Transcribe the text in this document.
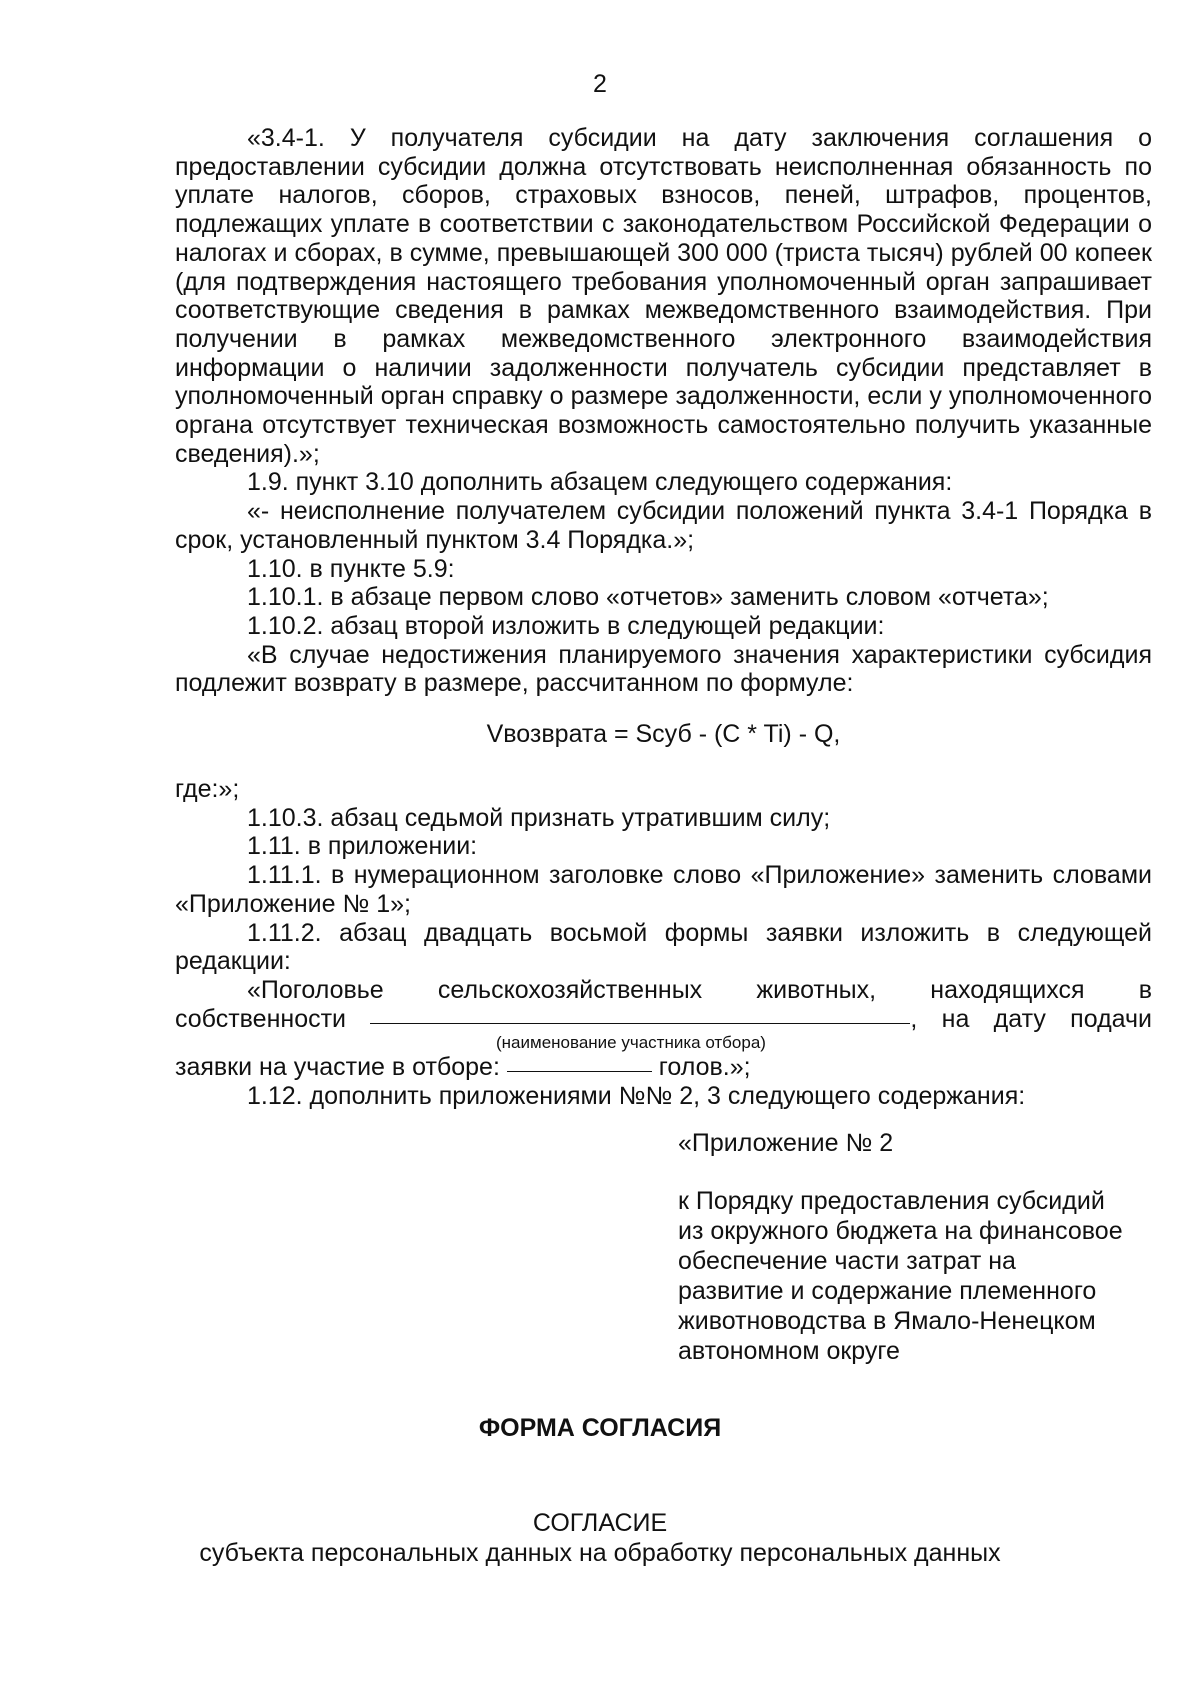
2

«3.4-1. У получателя субсидии на дату заключения соглашения о предоставлении субсидии должна отсутствовать неисполненная обязанность по уплате налогов, сборов, страховых взносов, пеней, штрафов, процентов, подлежащих уплате в соответствии с законодательством Российской Федерации о налогах и сборах, в сумме, превышающей 300 000 (триста тысяч) рублей 00 копеек (для подтверждения настоящего требования уполномоченный орган запрашивает соответствующие сведения в рамках межведомственного взаимодействия. При получении в рамках межведомственного электронного взаимодействия информации о наличии задолженности получатель субсидии представляет в уполномоченный орган справку о размере задолженности, если у уполномоченного органа отсутствует техническая возможность самостоятельно получить указанные сведения).»;

1.9. пункт 3.10 дополнить абзацем следующего содержания:

«- неисполнение получателем субсидии положений пункта 3.4-1 Порядка в срок, установленный пунктом 3.4 Порядка.»;

1.10. в пункте 5.9:

1.10.1. в абзаце первом слово «отчетов» заменить словом «отчета»;

1.10.2. абзац второй изложить в следующей редакции:

«В случае недостижения планируемого значения характеристики субсидия подлежит возврату в размере, рассчитанном по формуле:

Vвозврата = Sсуб - (C * Ti) - Q,

где:»;

1.10.3. абзац седьмой признать утратившим силу;

1.11. в приложении:

1.11.1. в нумерационном заголовке слово «Приложение» заменить словами «Приложение № 1»;

1.11.2. абзац двадцать восьмой формы заявки изложить в следующей редакции:

«Поголовье сельскохозяйственных животных, находящихся в

собственности	, на дату подачи

(наименование участника отбора)

заявки на участие в отборе:	голов.»;

1.12. дополнить приложениями №№ 2, 3 следующего содержания:

«Приложение № 2

к Порядку предоставления субсидий

из окружного бюджета на финансовое

обеспечение части затрат на

развитие и содержание племенного

животноводства в Ямало-Ненецком

автономном округе

ФОРМА СОГЛАСИЯ
СОГЛАСИЕ
субъекта персональных данных на обработку персональных данных
